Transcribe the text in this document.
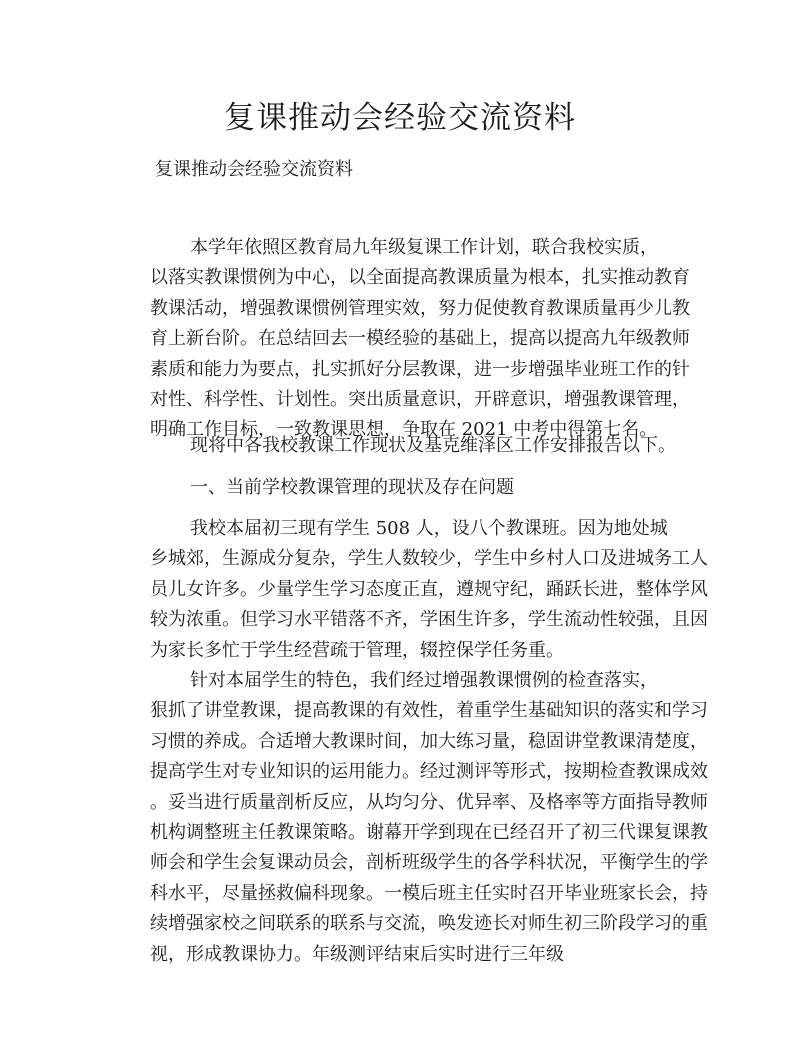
复课推动会经验交流资料

复课推动会经验交流资料

本学年依照区教育局九年级复课工作计划，联合我校实质，
以落实教课惯例为中心，以全面提高教课质量为根本，扎实推动教育
教课活动，增强教课惯例管理实效，努力促使教育教课质量再少儿教
育上新台阶。在总结回去一模经验的基础上，提高以提高九年级教师
素质和能力为要点，扎实抓好分层教课，进一步增强毕业班工作的针
对性、科学性、计划性。突出质量意识，开辟意识，增强教课管理，
明确工作目标，一致教课思想，争取在 2021 中考中得第七名。

现将中各我校教课工作现状及基克维泽区工作安排报告以下。

一、当前学校教课管理的现状及存在问题

我校本届初三现有学生 508 人，设八个教课班。因为地处城
乡城郊，生源成分复杂，学生人数较少，学生中乡村人口及进城务工人
员儿女许多。少量学生学习态度正直，遵规守纪，踊跃长进，整体学风
较为浓重。但学习水平错落不齐，学困生许多，学生流动性较强，且因
为家长多忙于学生经营疏于管理，辍控保学任务重。
针对本届学生的特色，我们经过增强教课惯例的检查落实，
狠抓了讲堂教课，提高教课的有效性，着重学生基础知识的落实和学习
习惯的养成。合适增大教课时间，加大练习量，稳固讲堂教课清楚度，
提高学生对专业知识的运用能力。经过测评等形式，按期检查教课成效
。妥当进行质量剖析反应，从均匀分、优异率、及格率等方面指导教师
机构调整班主任教课策略。谢幕开学到现在已经召开了初三代课复课教
师会和学生会复课动员会，剖析班级学生的各学科状况，平衡学生的学
科水平，尽量拯救偏科现象。一模后班主任实时召开毕业班家长会，持
续增强家校之间联系的联系与交流，唤发迹长对师生初三阶段学习的重
视，形成教课协力。年级测评结束后实时进行三年级
